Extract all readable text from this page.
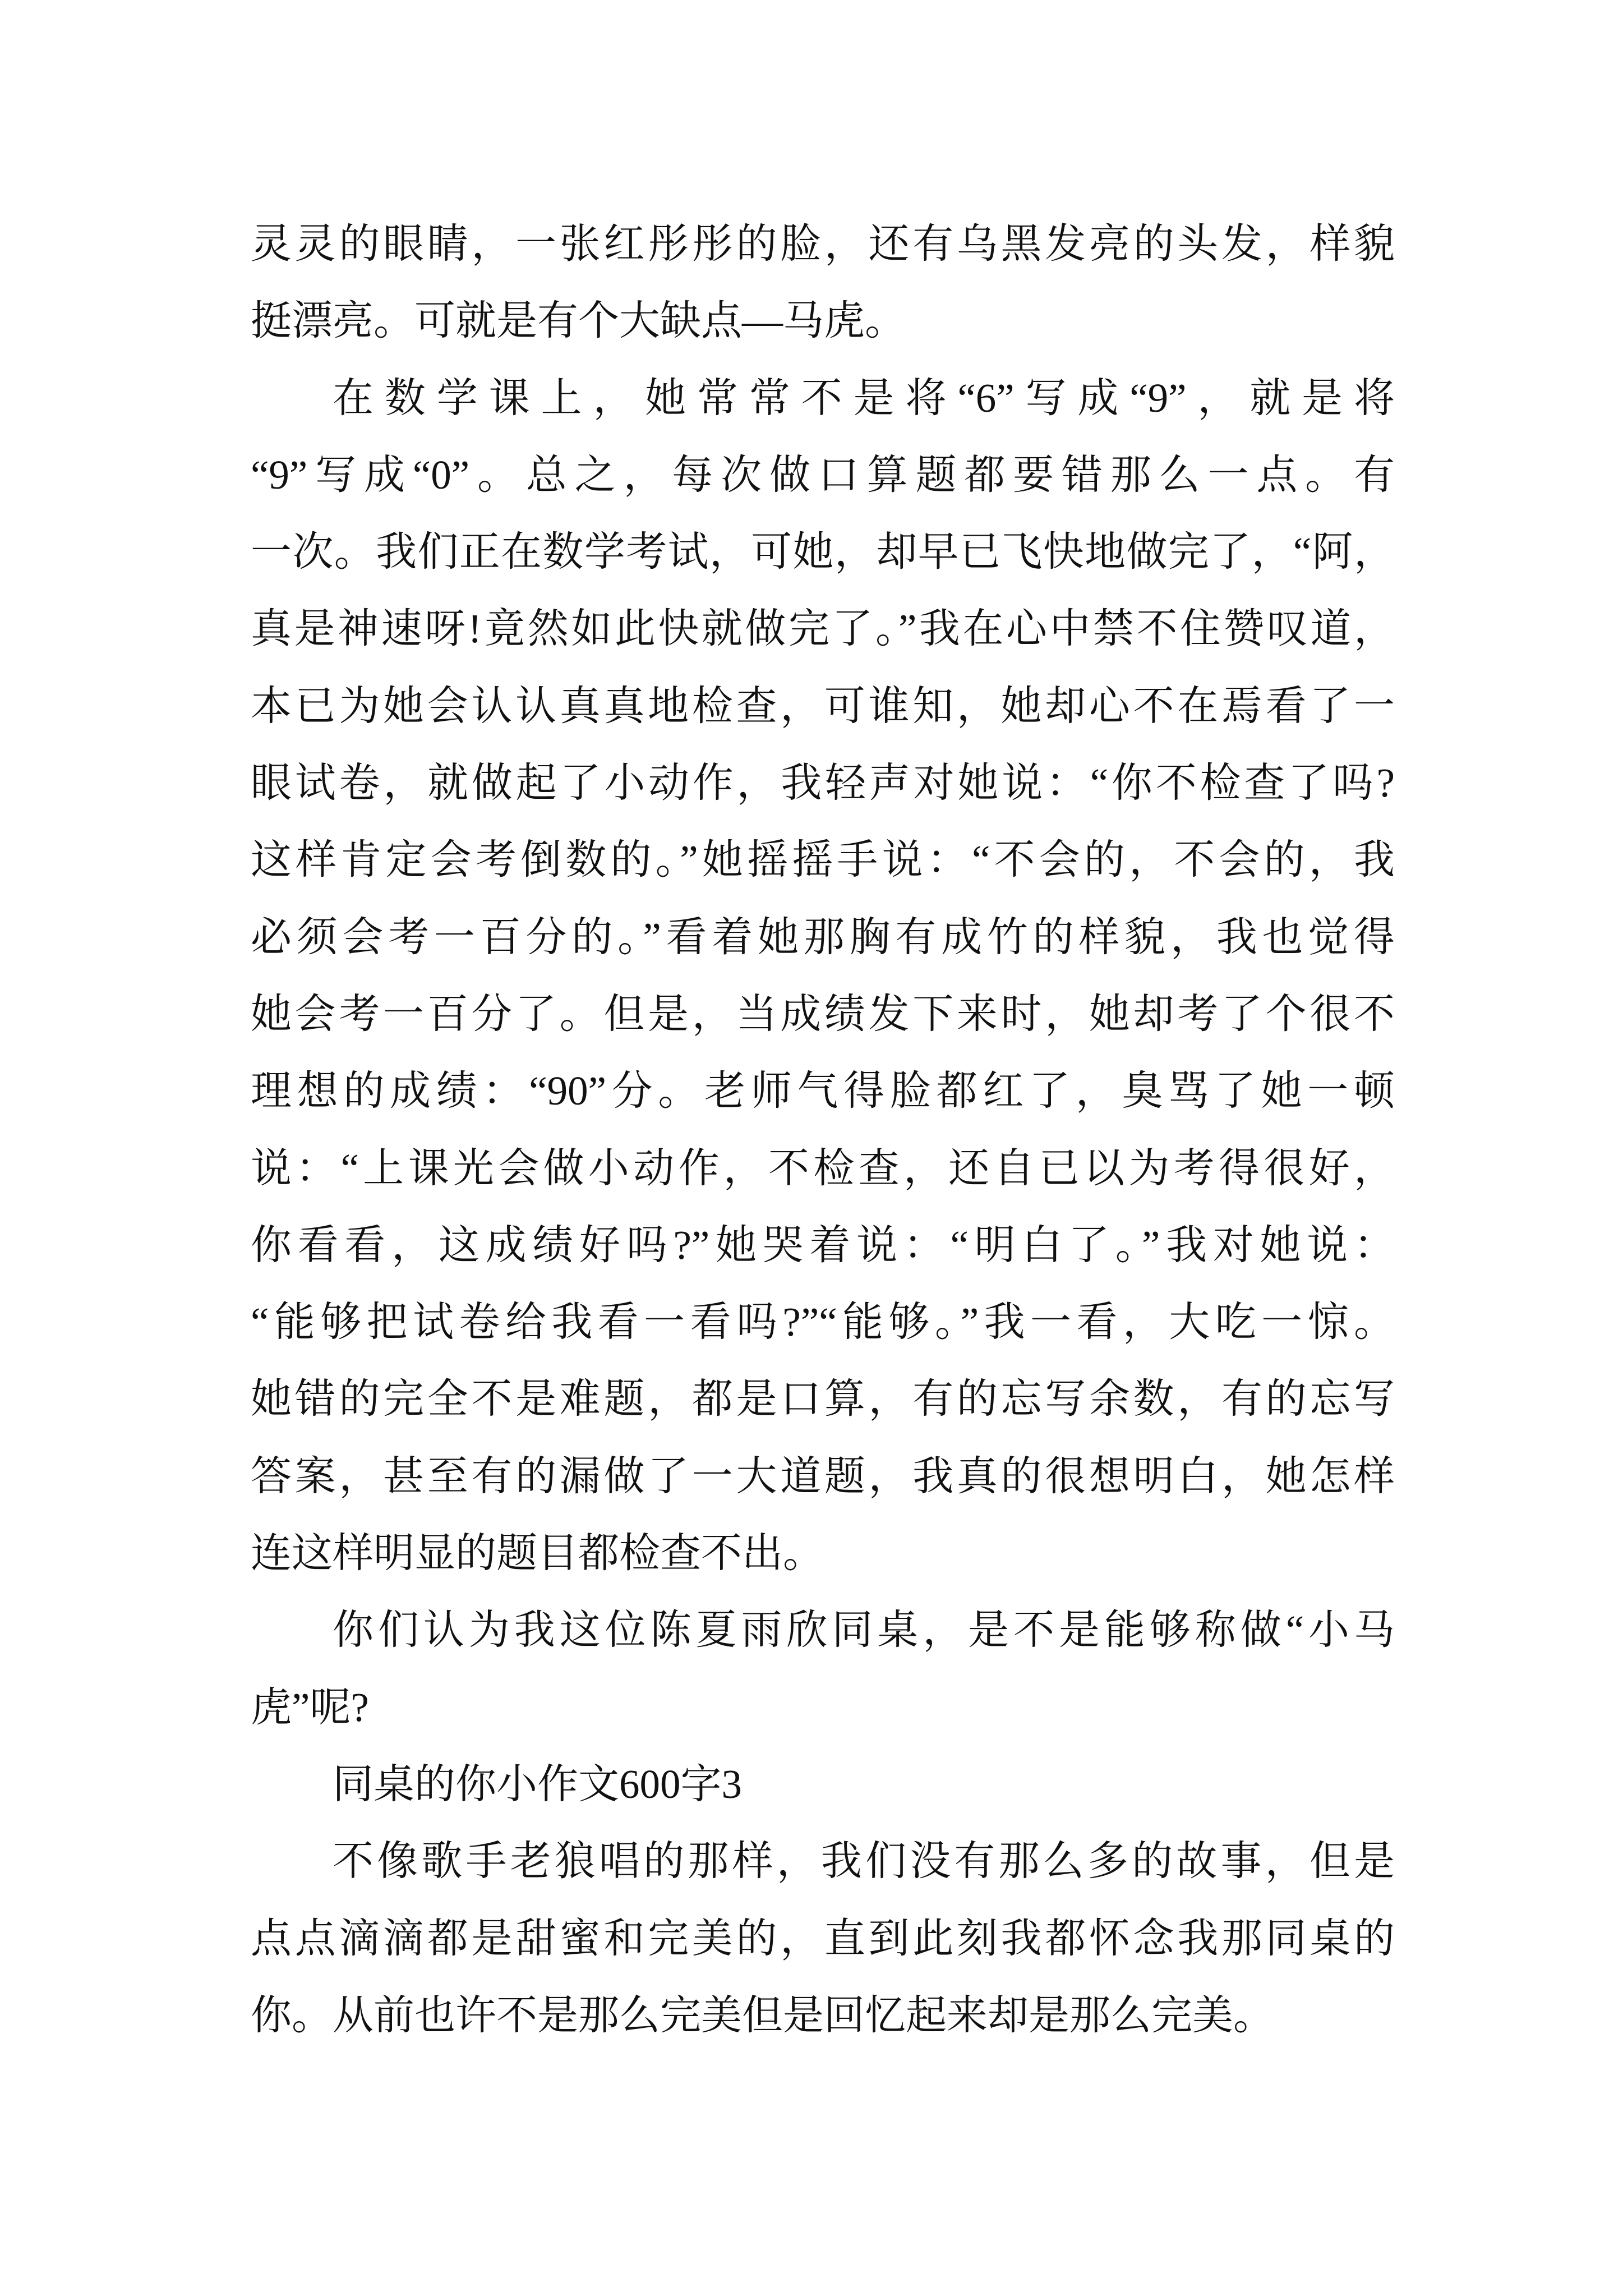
灵灵的眼睛，一张红彤彤的脸，还有乌黑发亮的头发，样貌
挺漂亮。可就是有个大缺点—马虎。
在数学课上，她常常不是将“6”写成“9”，就是将
“9”写成“0”。总之，每次做口算题都要错那么一点。有
一次。我们正在数学考试，可她，却早已飞快地做完了，“阿，
真是神速呀!竟然如此快就做完了。”我在心中禁不住赞叹道，
本已为她会认认真真地检查，可谁知，她却心不在焉看了一
眼试卷，就做起了小动作，我轻声对她说：“你不检查了吗?
这样肯定会考倒数的。”她摇摇手说：“不会的，不会的，我
必须会考一百分的。”看着她那胸有成竹的样貌，我也觉得
她会考一百分了。但是，当成绩发下来时，她却考了个很不
理想的成绩：“90”分。老师气得脸都红了，臭骂了她一顿
说：“上课光会做小动作，不检查，还自已以为考得很好，
你看看，这成绩好吗?”她哭着说：“明白了。”我对她说：
“能够把试卷给我看一看吗?”“能够。”我一看，大吃一惊。
她错的完全不是难题，都是口算，有的忘写余数，有的忘写
答案，甚至有的漏做了一大道题，我真的很想明白，她怎样
连这样明显的题目都检查不出。
你们认为我这位陈夏雨欣同桌，是不是能够称做“小马
虎”呢?
同桌的你小作文600字3
不像歌手老狼唱的那样，我们没有那么多的故事，但是
点点滴滴都是甜蜜和完美的，直到此刻我都怀念我那同桌的
你。从前也许不是那么完美但是回忆起来却是那么完美。
